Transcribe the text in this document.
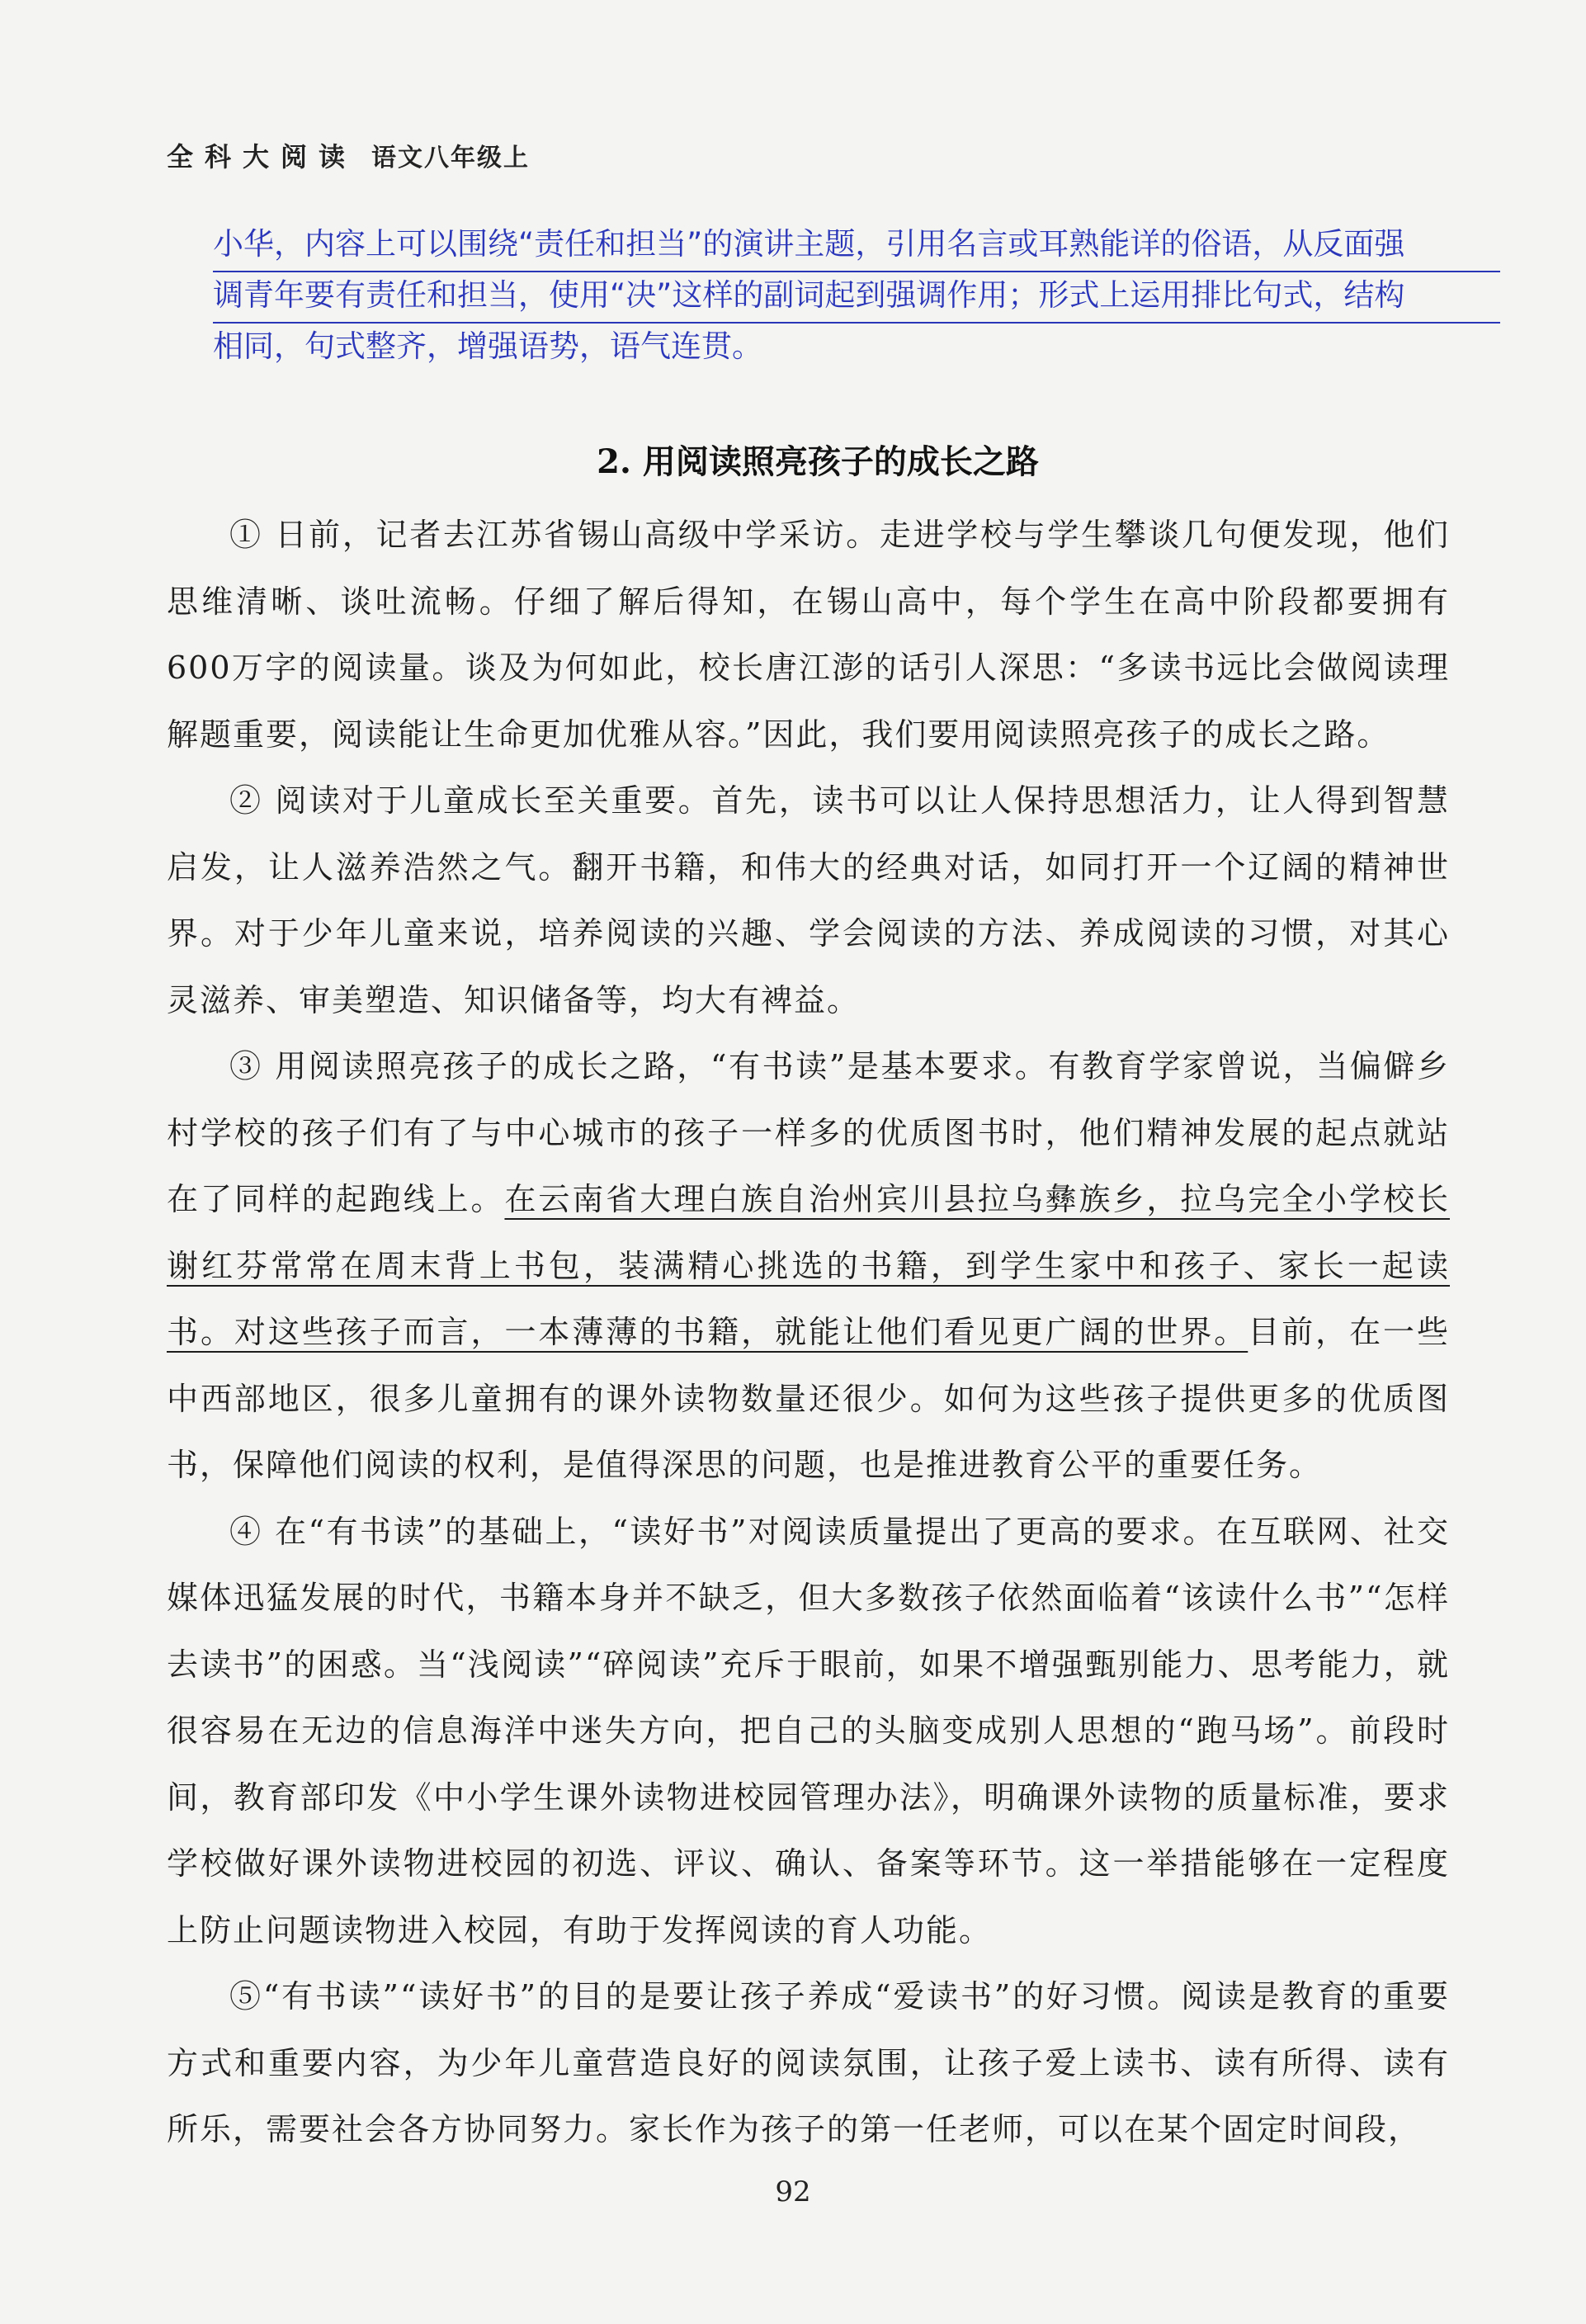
全科大阅读 语文八年级上
小华，内容上可以围绕“责任和担当”的演讲主题，引用名言或耳熟能详的俗语，从反面强
调青年要有责任和担当，使用“决”这样的副词起到强调作用；形式上运用排比句式，结构
相同，句式整齐，增强语势，语气连贯。
2. 用阅读照亮孩子的成长之路

① 日前，记者去江苏省锡山高级中学采访。走进学校与学生攀谈几句便发现，他们思维清晰、谈吐流畅。仔细了解后得知，在锡山高中，每个学生在高中阶段都要拥有600万字的阅读量。谈及为何如此，校长唐江澎的话引人深思：“多读书远比会做阅读理解题重要，阅读能让生命更加优雅从容。”因此，我们要用阅读照亮孩子的成长之路。

② 阅读对于儿童成长至关重要。首先，读书可以让人保持思想活力，让人得到智慧启发，让人滋养浩然之气。翻开书籍，和伟大的经典对话，如同打开一个辽阔的精神世界。对于少年儿童来说，培养阅读的兴趣、学会阅读的方法、养成阅读的习惯，对其心灵滋养、审美塑造、知识储备等，均大有裨益。

③ 用阅读照亮孩子的成长之路，“有书读”是基本要求。有教育学家曾说，当偏僻乡村学校的孩子们有了与中心城市的孩子一样多的优质图书时，他们精神发展的起点就站在了同样的起跑线上。在云南省大理白族自治州宾川县拉乌彝族乡，拉乌完全小学校长谢红芬常常在周末背上书包，装满精心挑选的书籍，到学生家中和孩子、家长一起读书。对这些孩子而言，一本薄薄的书籍，就能让他们看见更广阔的世界。目前，在一些中西部地区，很多儿童拥有的课外读物数量还很少。如何为这些孩子提供更多的优质图书，保障他们阅读的权利，是值得深思的问题，也是推进教育公平的重要任务。

④ 在“有书读”的基础上，“读好书”对阅读质量提出了更高的要求。在互联网、社交媒体迅猛发展的时代，书籍本身并不缺乏，但大多数孩子依然面临着“该读什么书”“怎样去读书”的困惑。当“浅阅读”“碎阅读”充斥于眼前，如果不增强甄别能力、思考能力，就很容易在无边的信息海洋中迷失方向，把自己的头脑变成别人思想的“跑马场”。前段时间，教育部印发《中小学生课外读物进校园管理办法》，明确课外读物的质量标准，要求学校做好课外读物进校园的初选、评议、确认、备案等环节。这一举措能够在一定程度上防止问题读物进入校园，有助于发挥阅读的育人功能。

⑤“有书读”“读好书”的目的是要让孩子养成“爱读书”的好习惯。阅读是教育的重要方式和重要内容，为少年儿童营造良好的阅读氛围，让孩子爱上读书、读有所得、读有所乐，需要社会各方协同努力。家长作为孩子的第一任老师，可以在某个固定时间段，

92
